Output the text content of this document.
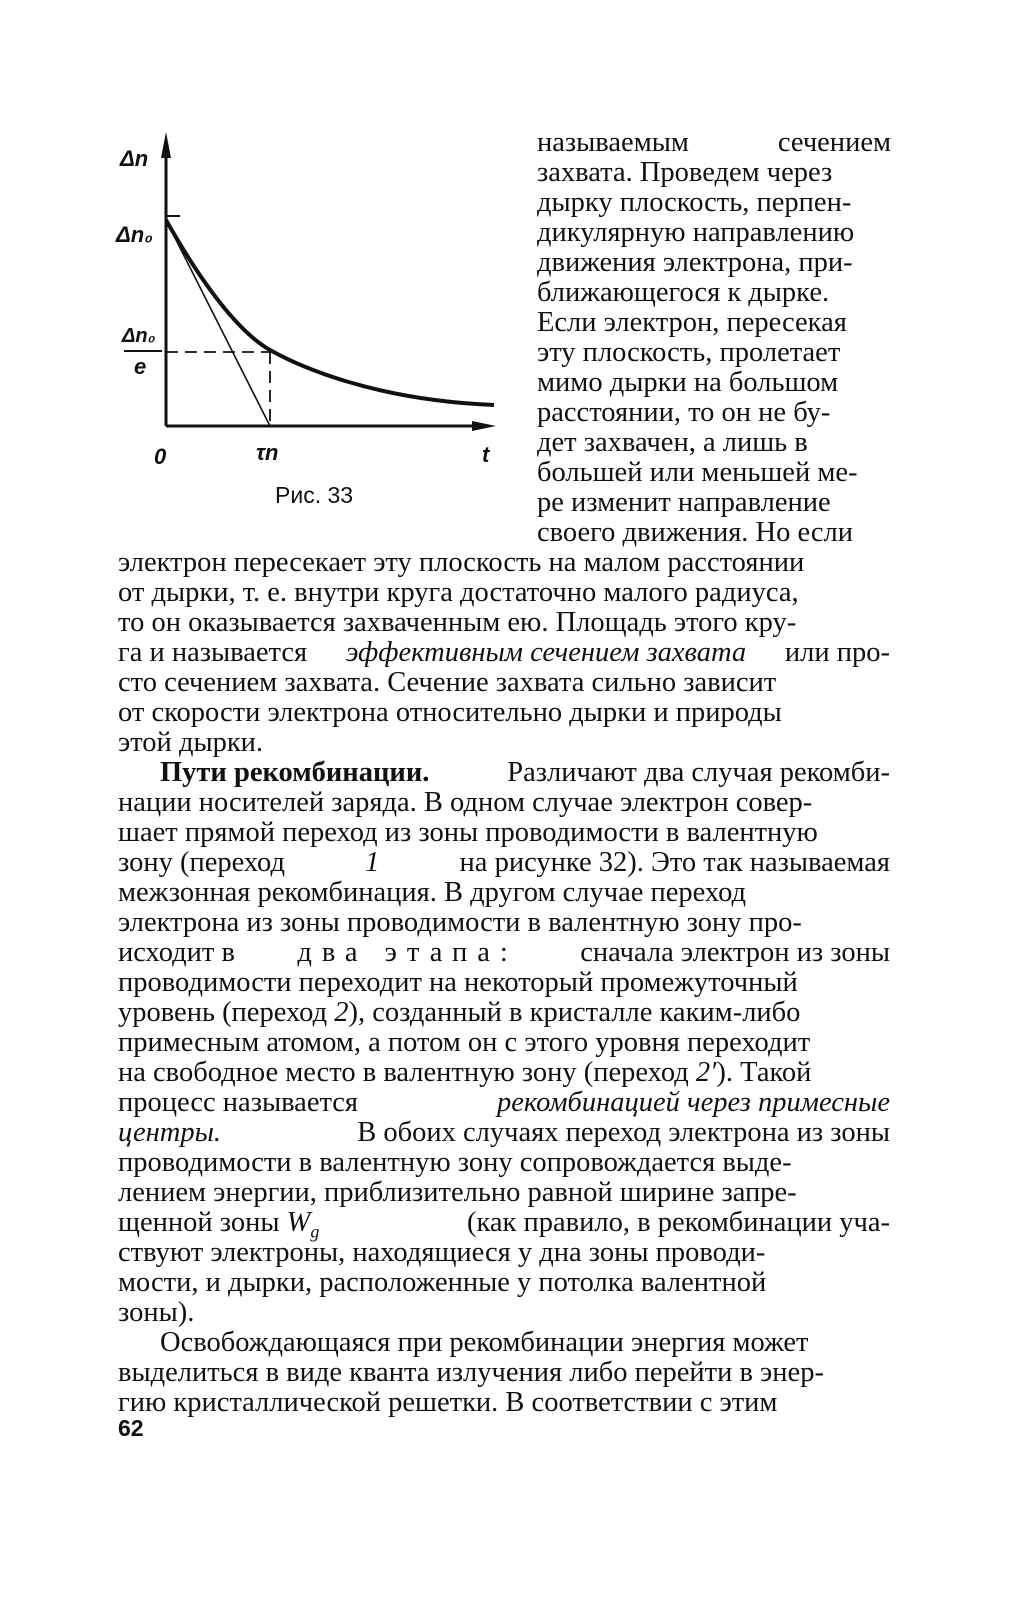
Δn
Δn₀
Δn₀
e
0	τn	t
Рис. 33
называемым	сечением
захвата. Проведем через
дырку плоскость, перпен-
дикулярную направлению
движения электрона, при-
ближающегося к дырке.
Если электрон, пересекая
эту плоскость, пролетает
мимо дырки на большом
расстоянии, то он не бу-
дет захвачен, а лишь в
большей или меньшей ме-
ре изменит направление
своего движения. Но если
электрон пересекает эту плоскость на малом расстоянии
от дырки, т. е. внутри круга достаточно малого радиуса,
то он оказывается захваченным ею. Площадь этого кру-
га и называется эффективным сечением захвата или про-
сто сечением захвата. Сечение захвата сильно зависит
от скорости электрона относительно дырки и природы
этой дырки.
Пути рекомбинации.	Различают два случая рекомби-
нации носителей заряда. В одном случае электрон совер-
шает прямой переход из зоны проводимости в валентную
зону (переход	1	на рисунке 32). Это так называемая
межзонная рекомбинация. В другом случае переход
электрона из зоны проводимости в валентную зону про-
исходит в два этапа: сначала электрон из зоны
проводимости переходит на некоторый промежуточный
уровень (переход 2), созданный в кристалле каким-либо
примесным атомом, а потом он с этого уровня переходит
на свободное место в валентную зону (переход 2′). Такой
процесс называется	рекомбинацией через примесные
центры.	В обоих случаях переход электрона из зоны
проводимости в валентную зону сопровождается выде-
лением энергии, приблизительно равной ширине запре-
щенной зоны $W_g$	(как правило, в рекомбинации уча-
ствуют электроны, находящиеся у дна зоны проводи-
мости, и дырки, расположенные у потолка валентной
зоны).
Освобождающаяся при рекомбинации энергия может
выделиться в виде кванта излучения либо перейти в энер-
гию кристаллической решетки. В соответствии с этим
62
